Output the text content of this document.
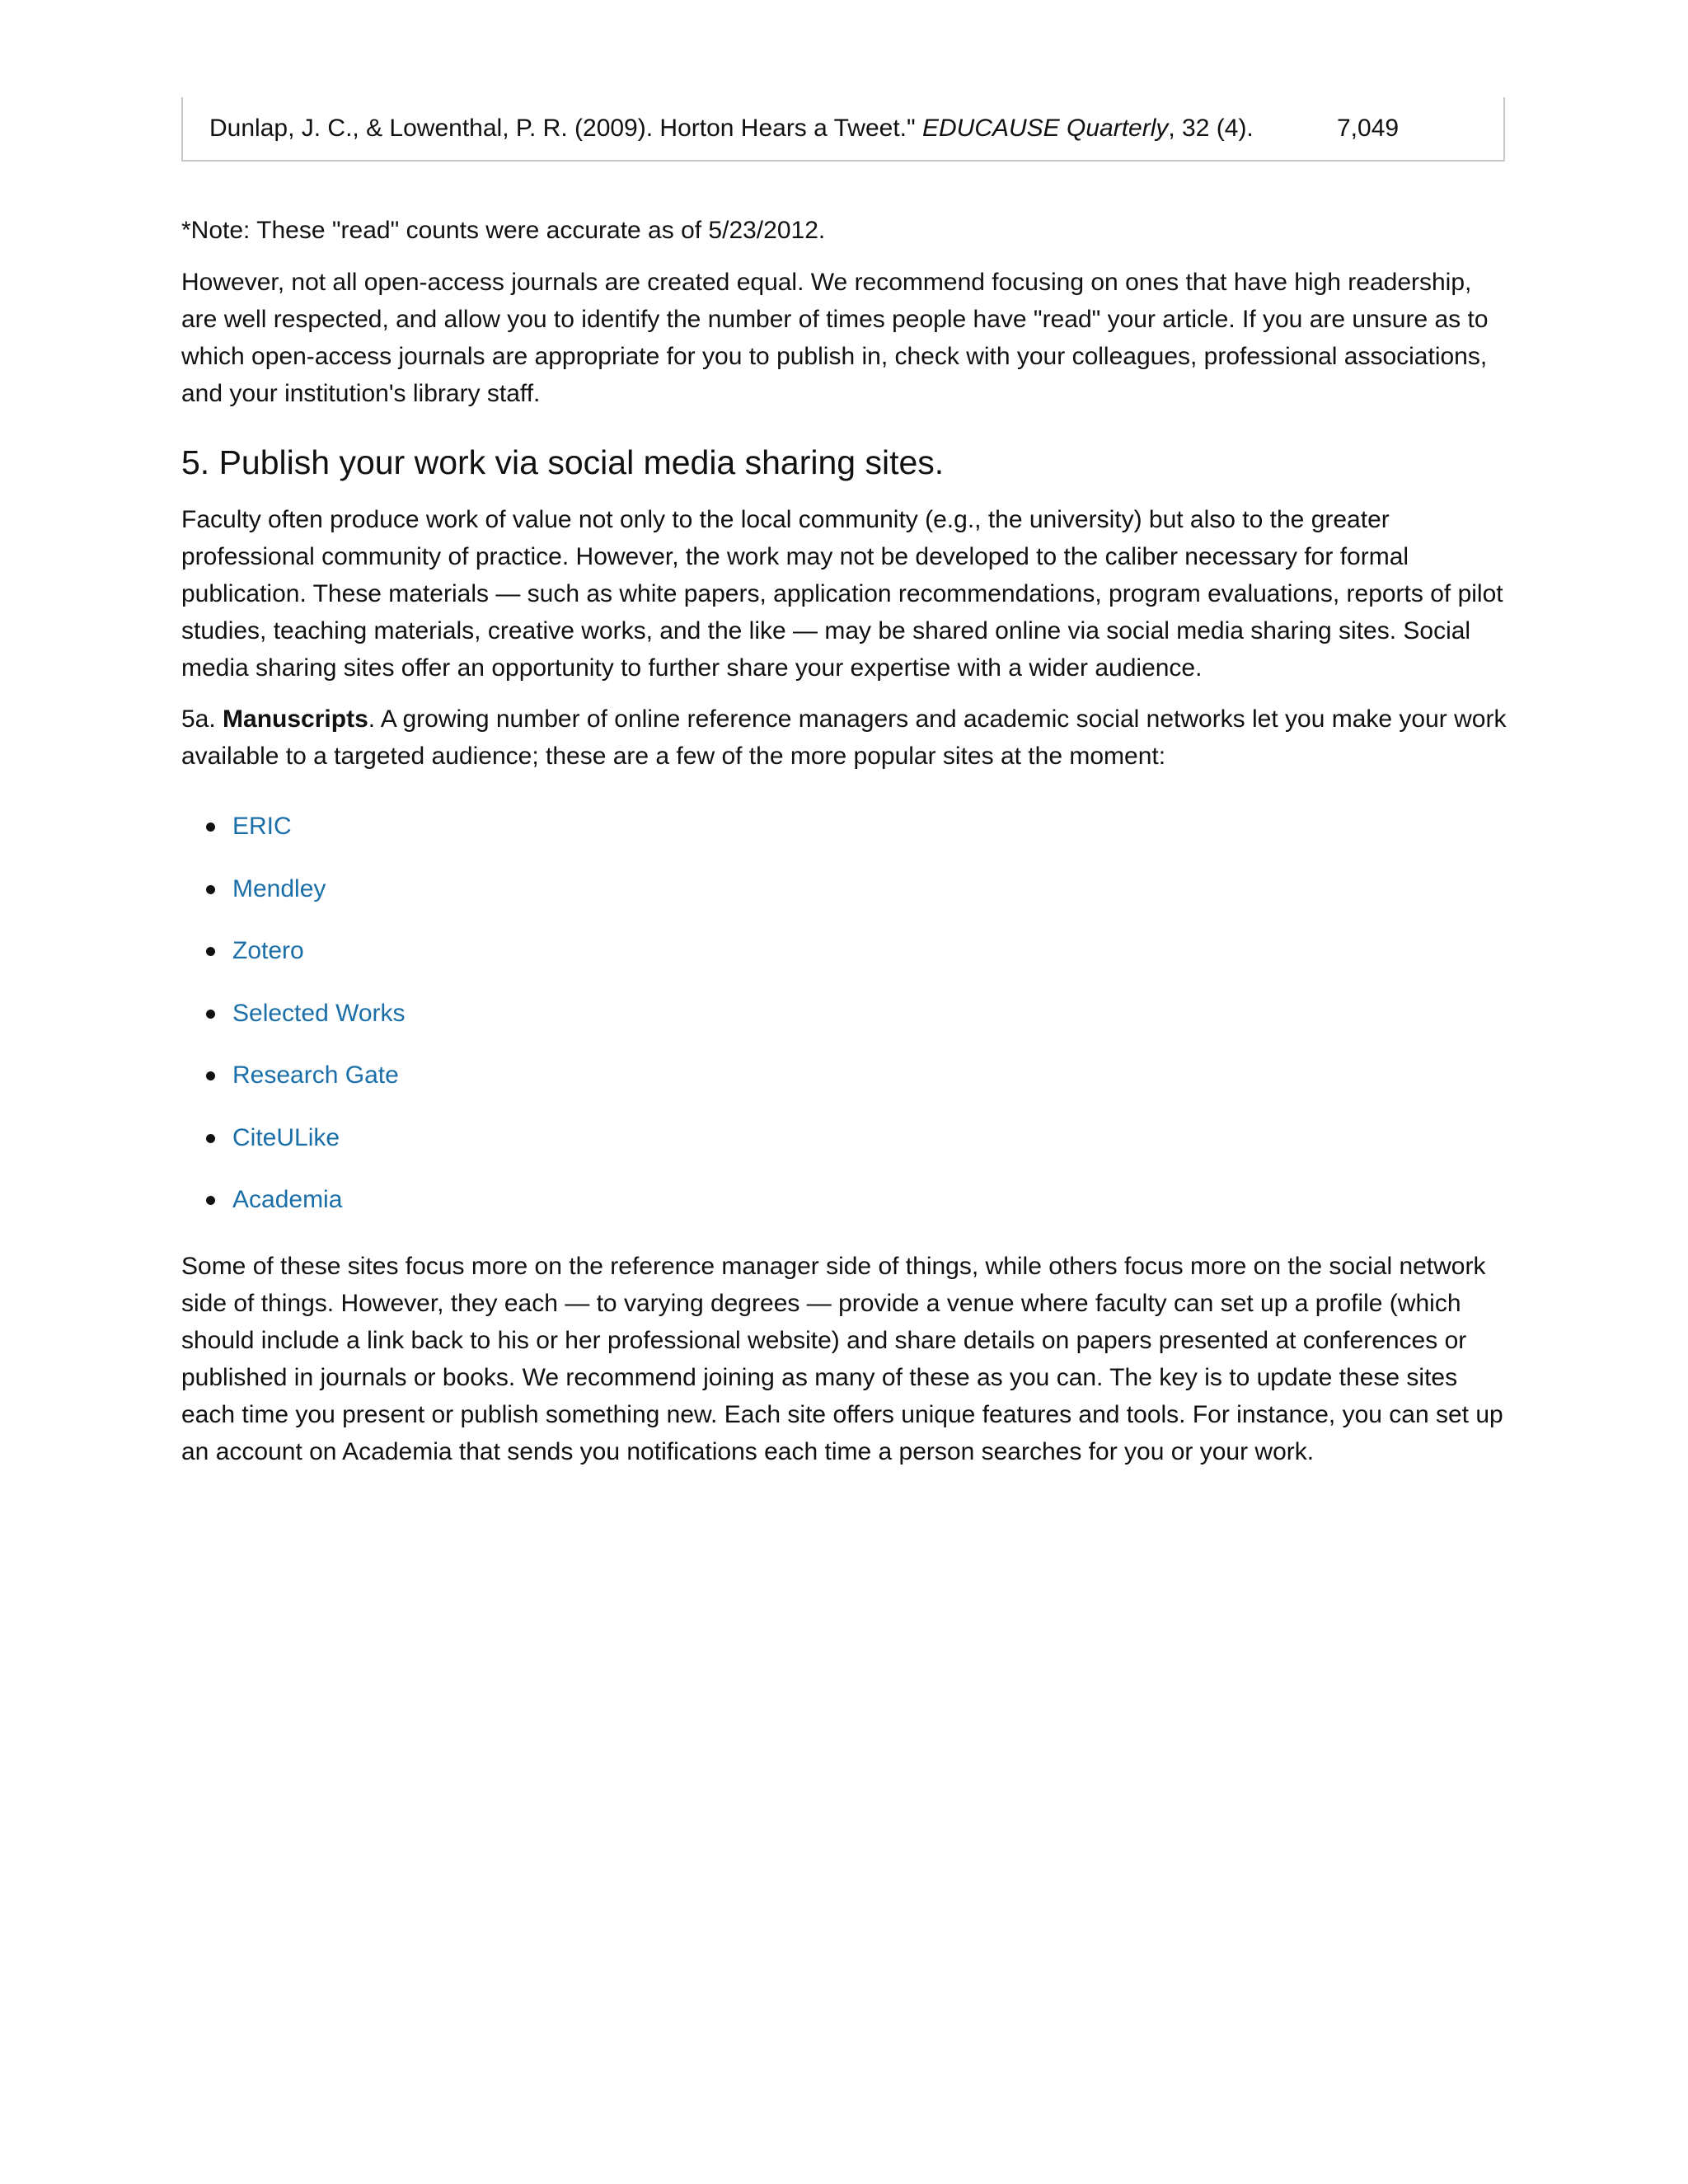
Dunlap, J. C., & Lowenthal, P. R. (2009). Horton Hears a Tweet." EDUCAUSE Quarterly, 32 (4).	7,049
*Note: These "read" counts were accurate as of 5/23/2012.

However, not all open-access journals are created equal. We recommend focusing on ones that have high readership, are well respected, and allow you to identify the number of times people have "read" your article. If you are unsure as to which open-access journals are appropriate for you to publish in, check with your colleagues, professional associations, and your institution's library staff.

5. Publish your work via social media sharing sites.

Faculty often produce work of value not only to the local community (e.g., the university) but also to the greater professional community of practice. However, the work may not be developed to the caliber necessary for formal publication. These materials — such as white papers, application recommendations, program evaluations, reports of pilot studies, teaching materials, creative works, and the like — may be shared online via social media sharing sites. Social media sharing sites offer an opportunity to further share your expertise with a wider audience.

5a. Manuscripts. A growing number of online reference managers and academic social networks let you make your work available to a targeted audience; these are a few of the more popular sites at the moment:

ERIC
Mendley
Zotero
Selected Works
Research Gate
CiteULike
Academia

Some of these sites focus more on the reference manager side of things, while others focus more on the social network side of things. However, they each — to varying degrees — provide a venue where faculty can set up a profile (which should include a link back to his or her professional website) and share details on papers presented at conferences or published in journals or books. We recommend joining as many of these as you can. The key is to update these sites each time you present or publish something new. Each site offers unique features and tools. For instance, you can set up an account on Academia that sends you notifications each time a person searches for you or your work.
